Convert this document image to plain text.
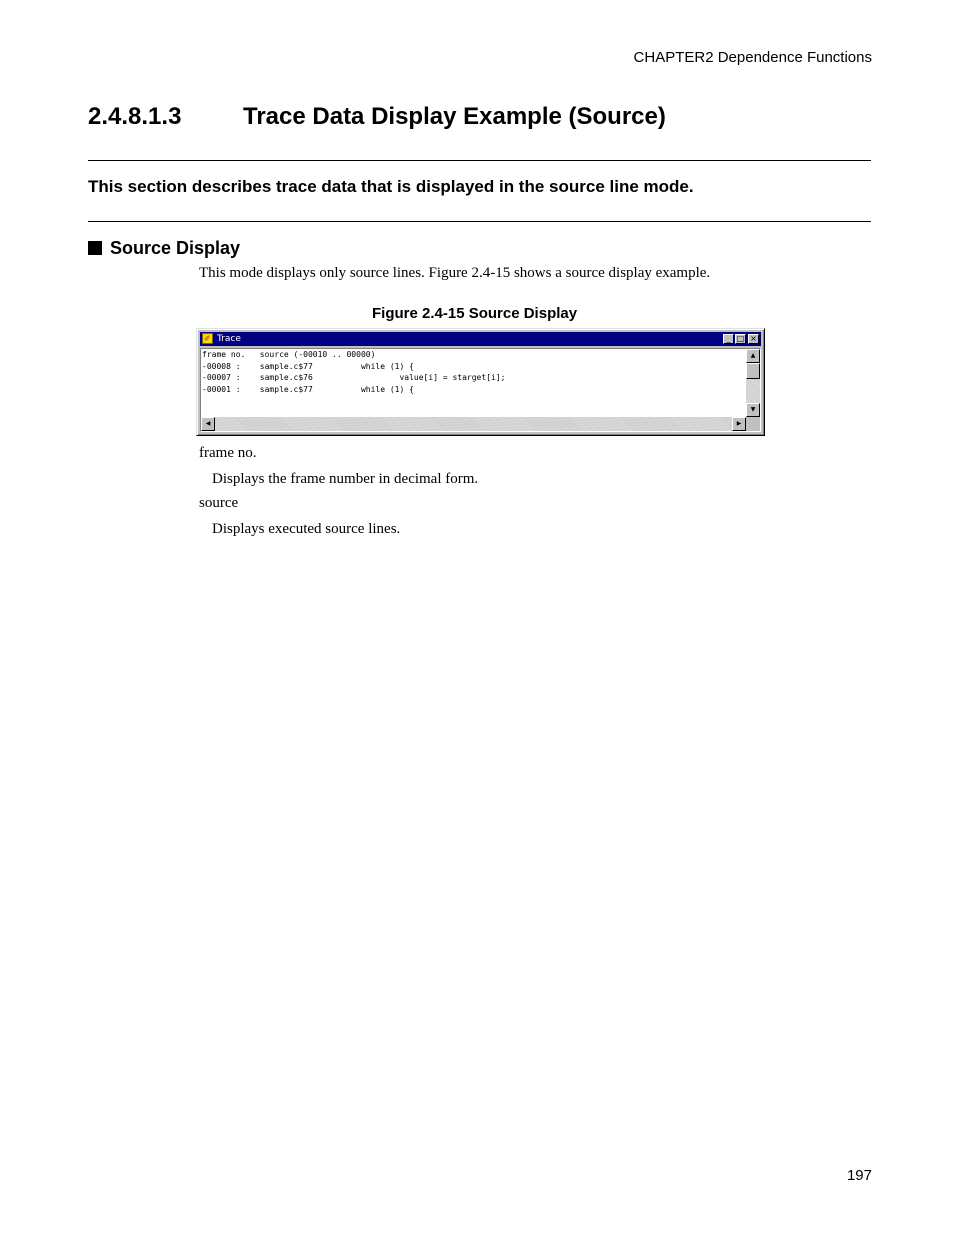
CHAPTER2 Dependence Functions
2.4.8.1.3	Trace Data Display Example (Source)
This section describes trace data that is displayed in the source line mode.
Source Display
This mode displays only source lines. Figure 2.4-15 shows a source display example.
Figure 2.4-15 Source Display
✐ Trace	_ □ ×
frame no.   source (-00010 .. 00000)
-00008 :    sample.c$77          while (1) {
-00007 :    sample.c$76                  value[i] = starget[i];
-00001 :    sample.c$77          while (1) {
▲
▼
◀	▶
frame no.
Displays the frame number in decimal form.
source
Displays executed source lines.
197
